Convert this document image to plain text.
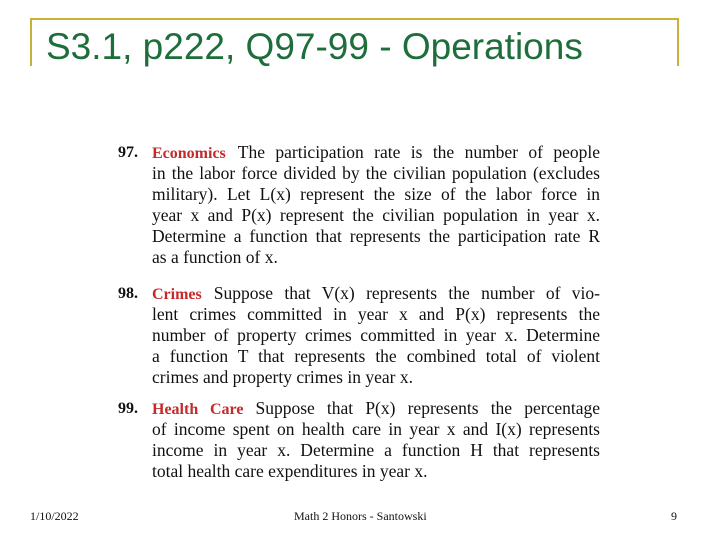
S3.1, p222, Q97-99 - Operations
97. Economics The participation rate is the number of people
in the labor force divided by the civilian population (excludes
military). Let L(x) represent the size of the labor force in
year x and P(x) represent the civilian population in year x.
Determine a function that represents the participation rate R
as a function of x.
98. Crimes Suppose that V(x) represents the number of vio-
lent crimes committed in year x and P(x) represents the
number of property crimes committed in year x. Determine
a function T that represents the combined total of violent
crimes and property crimes in year x.
99. Health Care Suppose that P(x) represents the percentage
of income spent on health care in year x and I(x) represents
income in year x. Determine a function H that represents
total health care expenditures in year x.
1/10/2022	Math 2 Honors - Santowski	9
